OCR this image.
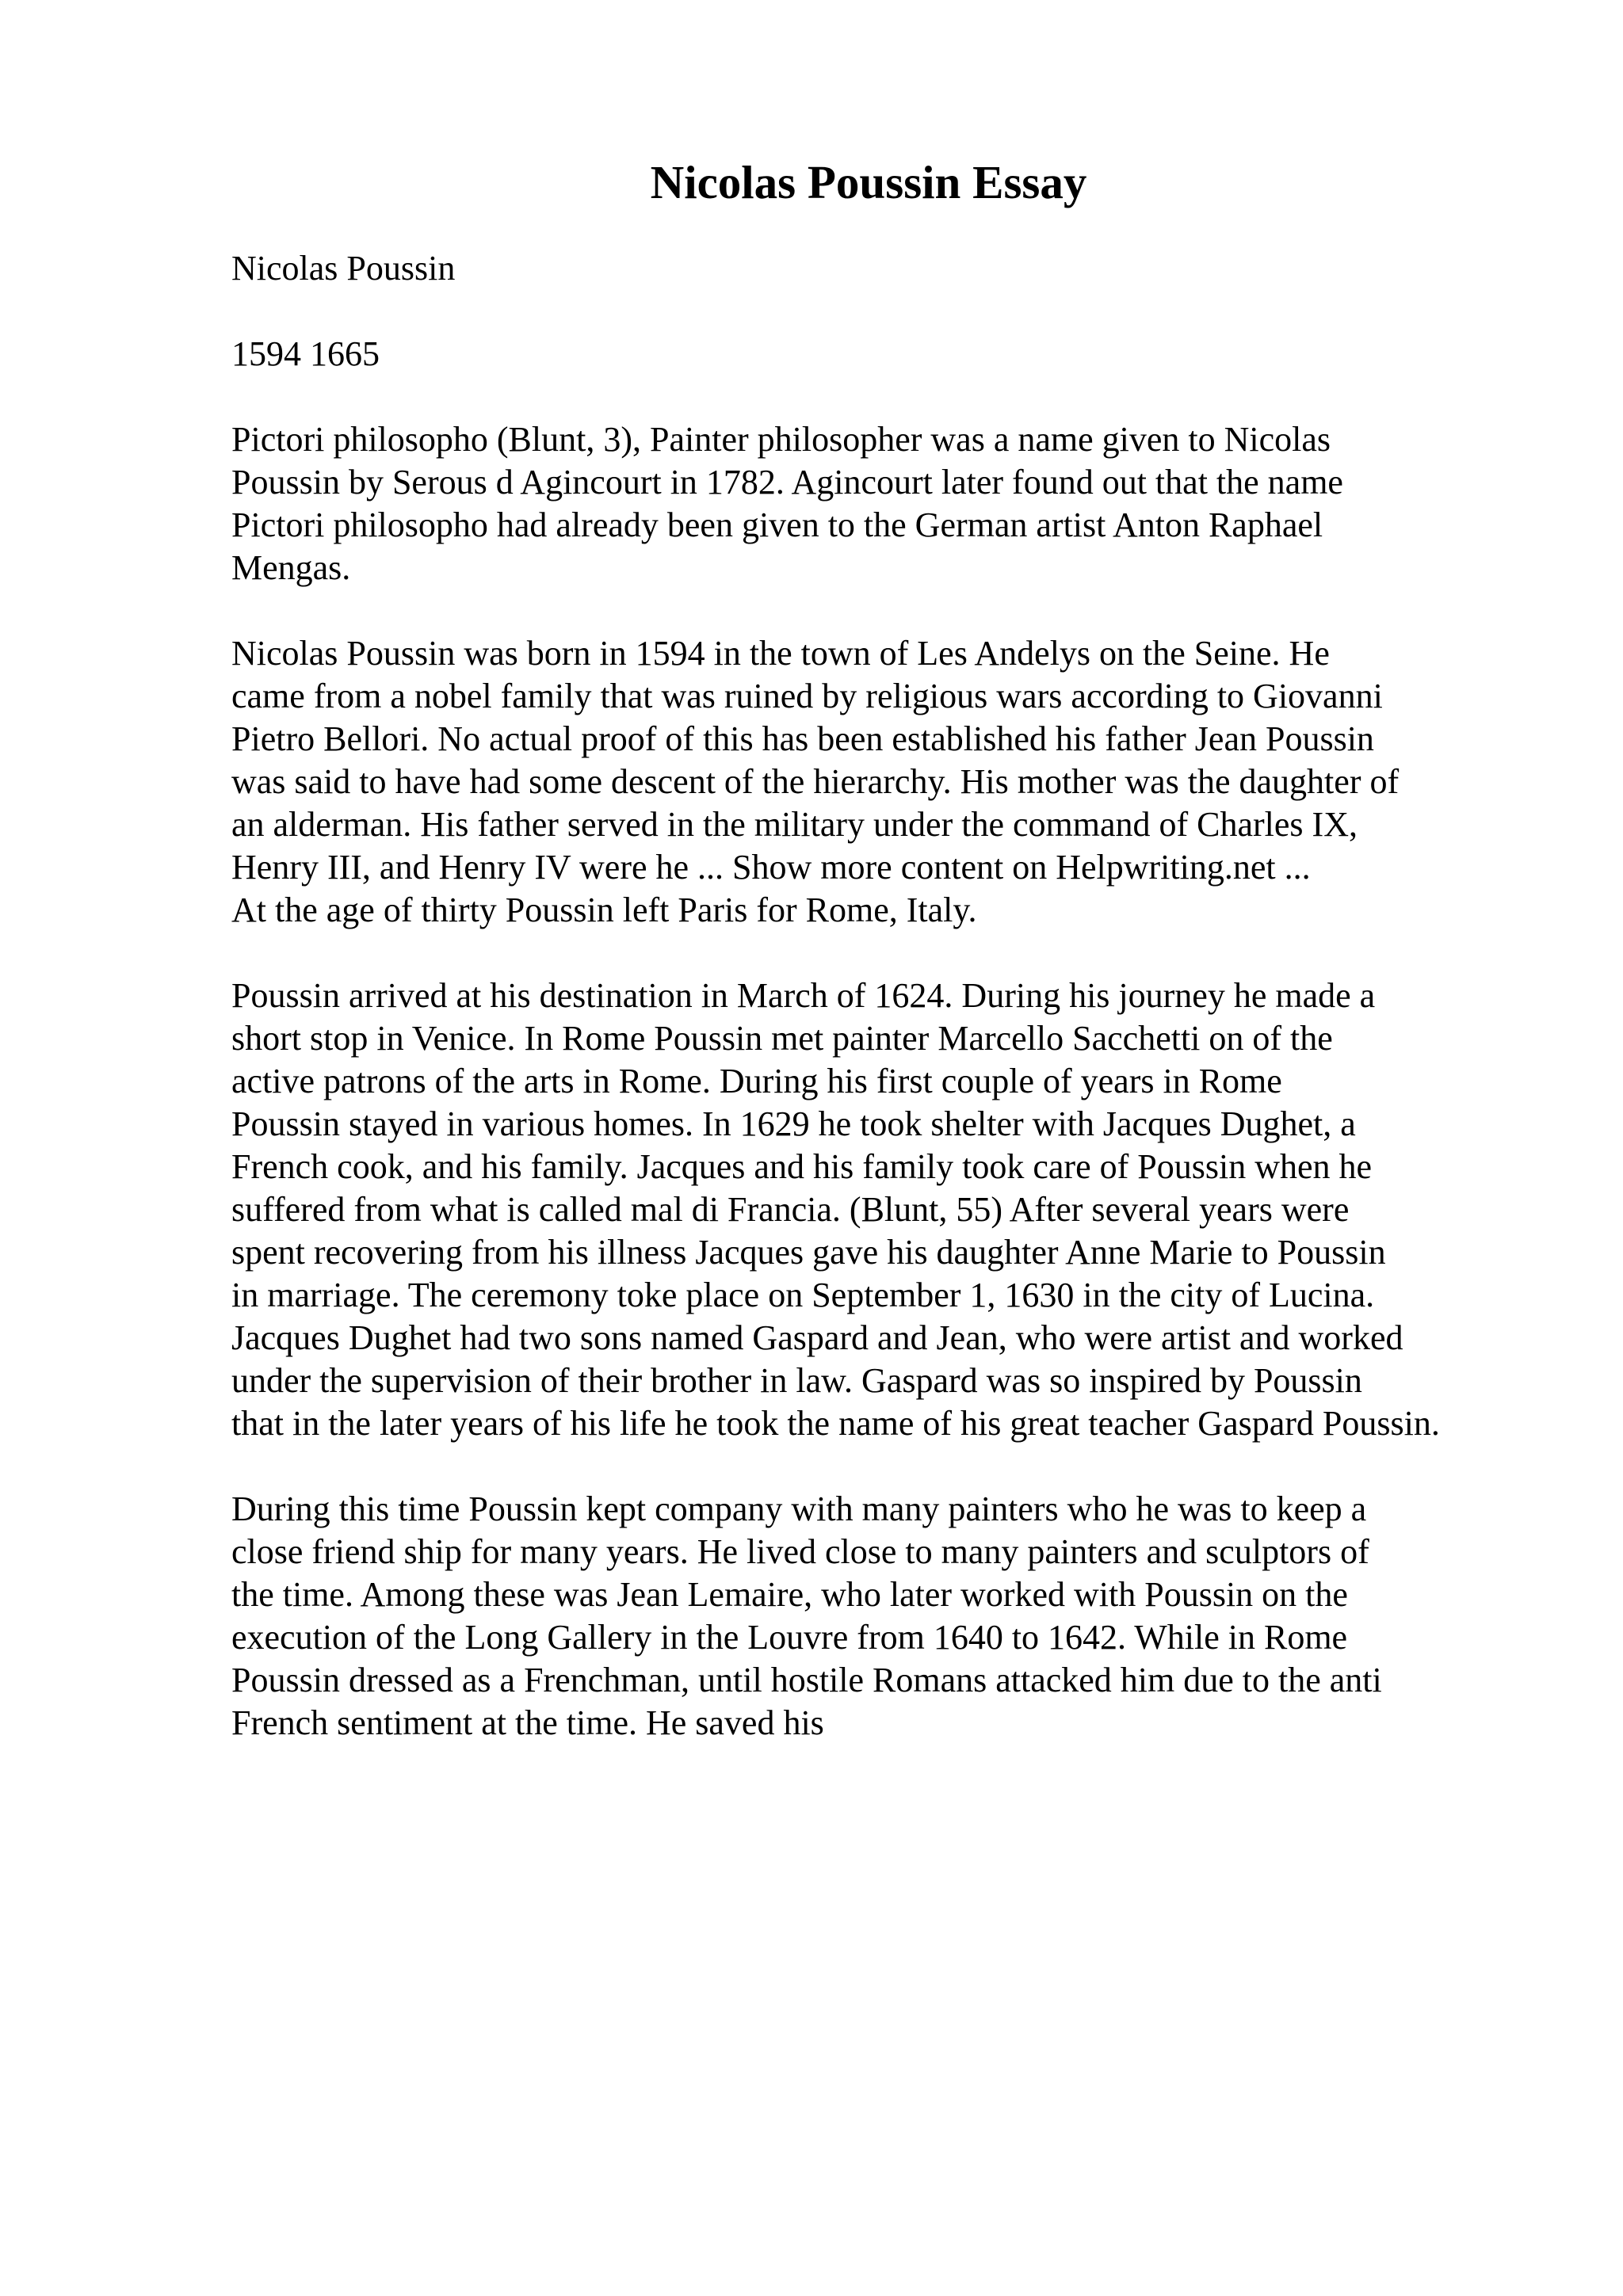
Nicolas Poussin Essay

Nicolas Poussin

1594 1665

Pictori philosopho (Blunt, 3), Painter philosopher was a name given to Nicolas

Poussin by Serous d Agincourt in 1782. Agincourt later found out that the name

Pictori philosopho had already been given to the German artist Anton Raphael

Mengas.

Nicolas Poussin was born in 1594 in the town of Les Andelys on the Seine. He

came from a nobel family that was ruined by religious wars according to Giovanni

Pietro Bellori. No actual proof of this has been established his father Jean Poussin

was said to have had some descent of the hierarchy. His mother was the daughter of

an alderman. His father served in the military under the command of Charles IX,

Henry III, and Henry IV were he ... Show more content on Helpwriting.net ...

At the age of thirty Poussin left Paris for Rome, Italy.

Poussin arrived at his destination in March of 1624. During his journey he made a

short stop in Venice. In Rome Poussin met painter Marcello Sacchetti on of the

active patrons of the arts in Rome. During his first couple of years in Rome

Poussin stayed in various homes. In 1629 he took shelter with Jacques Dughet, a

French cook, and his family. Jacques and his family took care of Poussin when he

suffered from what is called mal di Francia. (Blunt, 55) After several years were

spent recovering from his illness Jacques gave his daughter Anne Marie to Poussin

in marriage. The ceremony toke place on September 1, 1630 in the city of Lucina.

Jacques Dughet had two sons named Gaspard and Jean, who were artist and worked

under the supervision of their brother in law. Gaspard was so inspired by Poussin

that in the later years of his life he took the name of his great teacher Gaspard Poussin.

During this time Poussin kept company with many painters who he was to keep a

close friend ship for many years. He lived close to many painters and sculptors of

the time. Among these was Jean Lemaire, who later worked with Poussin on the

execution of the Long Gallery in the Louvre from 1640 to 1642. While in Rome

Poussin dressed as a Frenchman, until hostile Romans attacked him due to the anti

French sentiment at the time. He saved his
